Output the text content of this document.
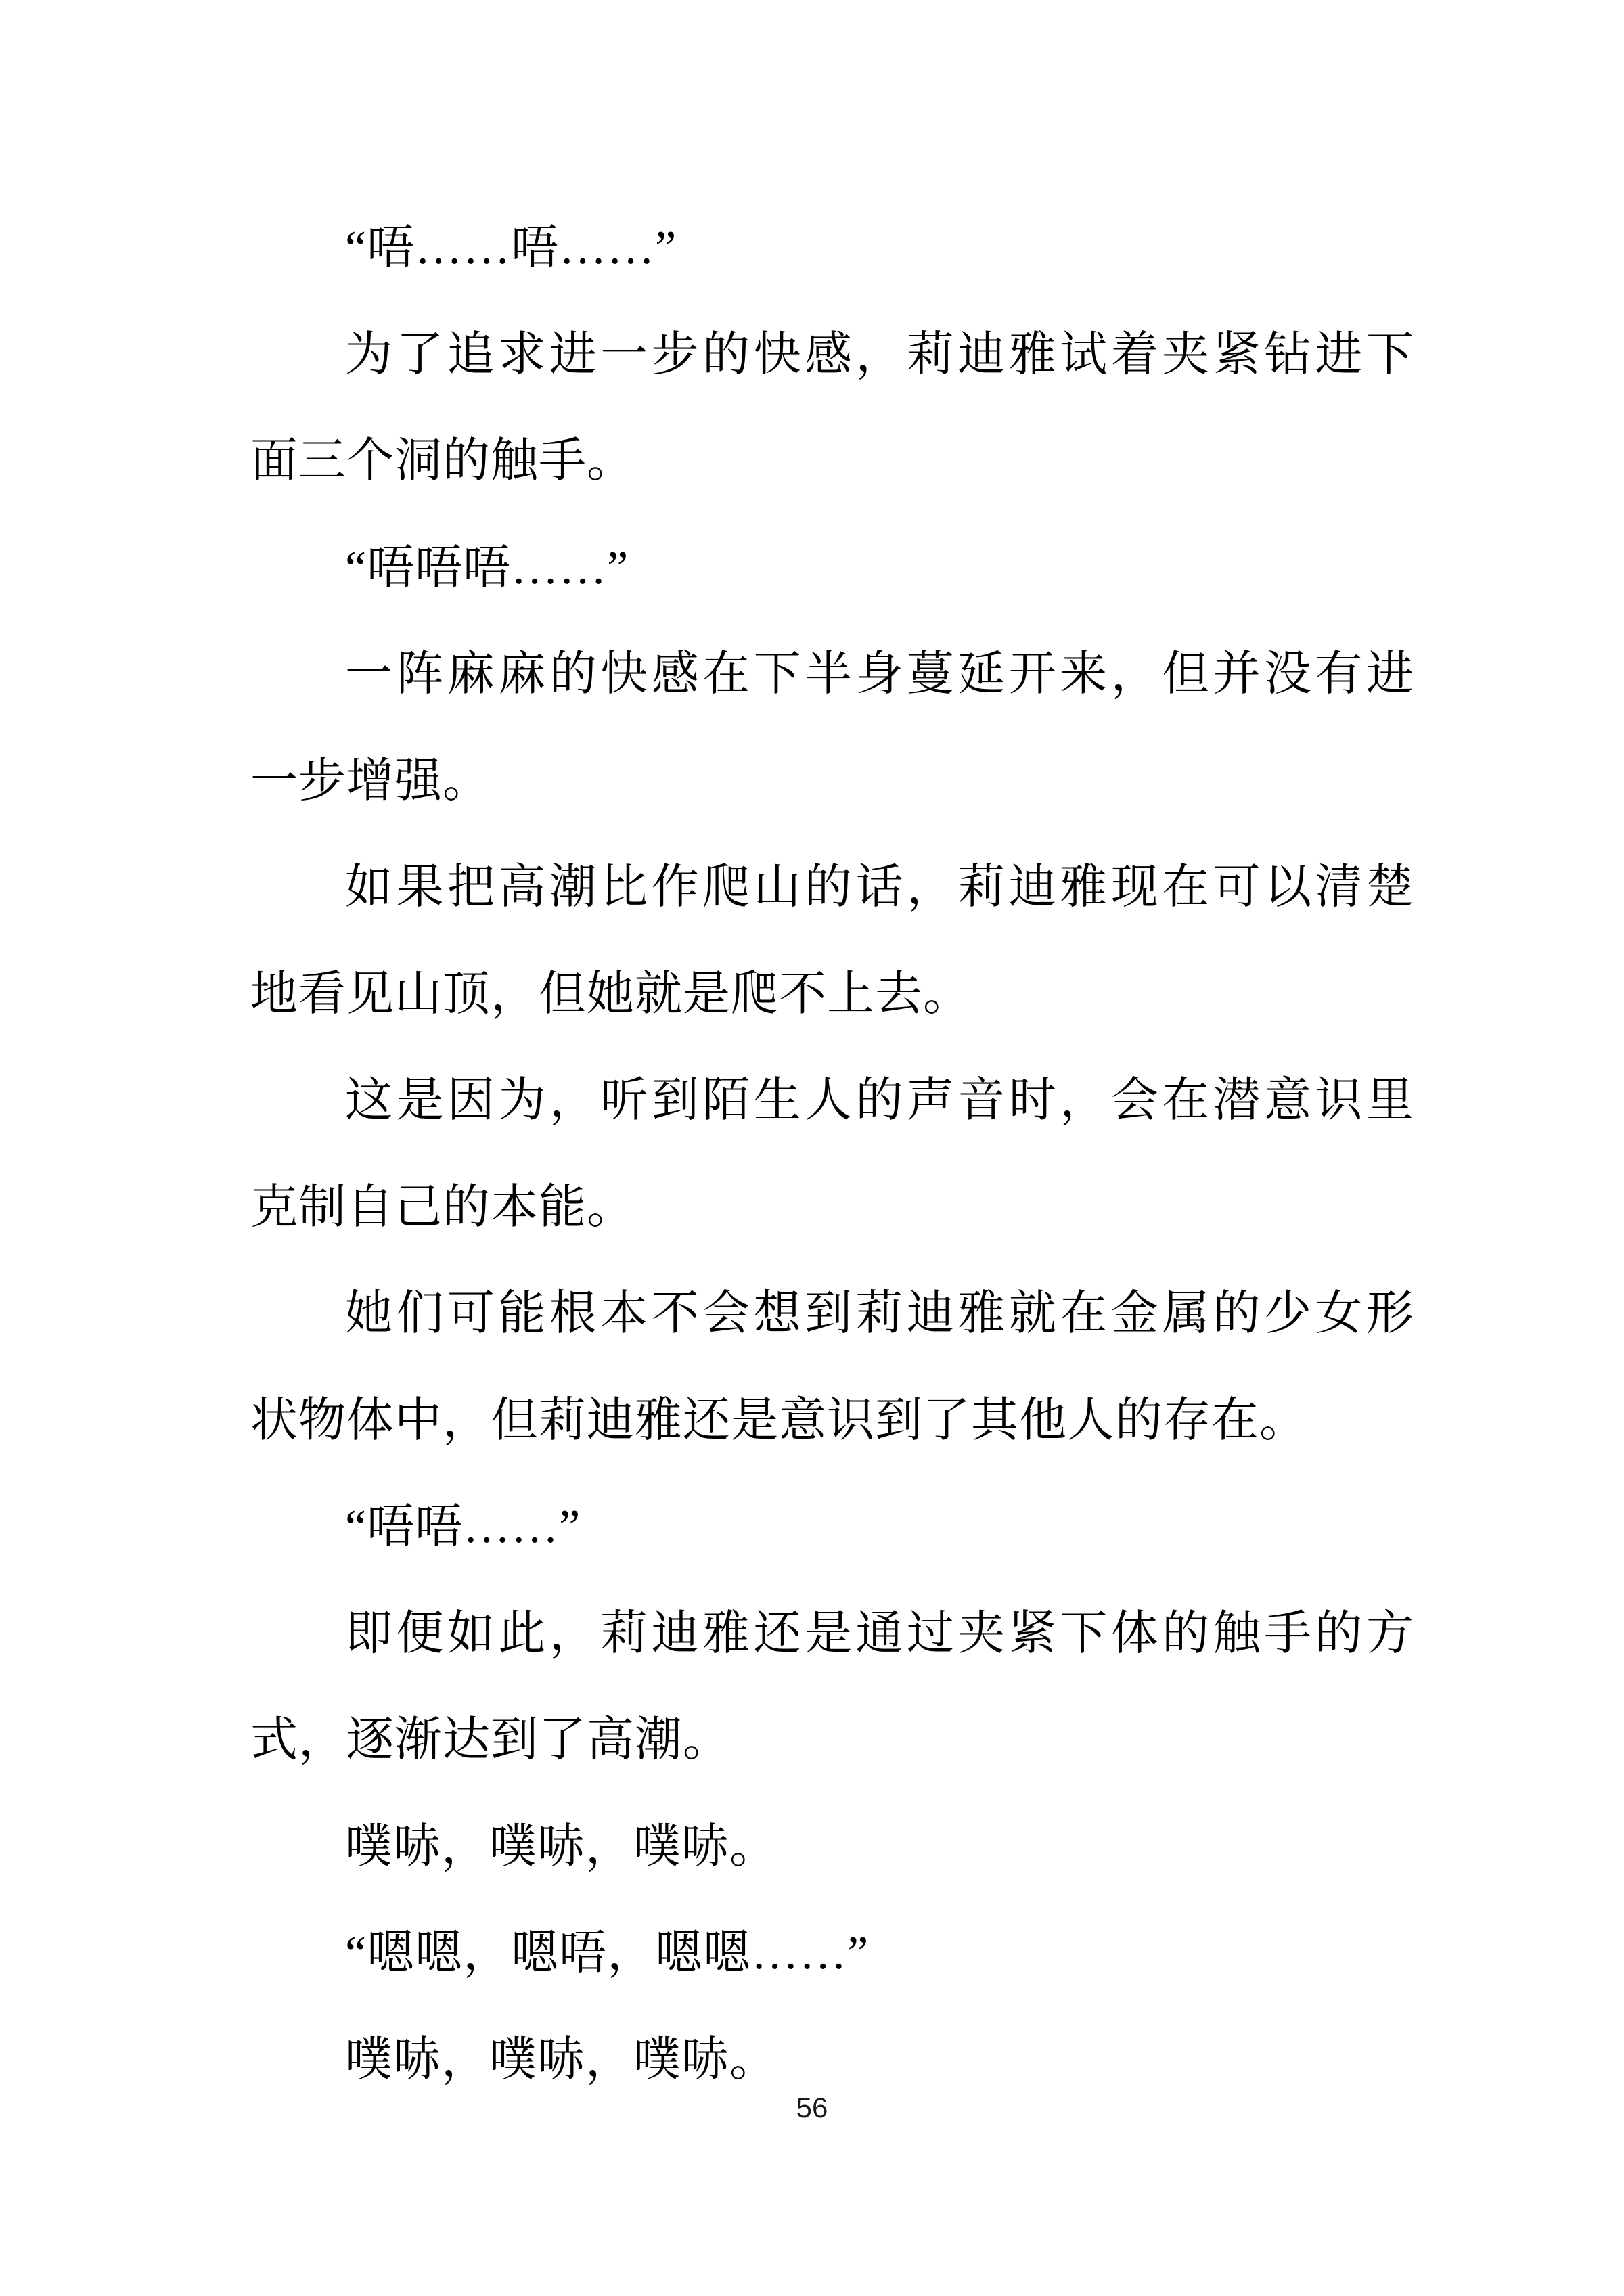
“唔……唔……”
为了追求进一步的快感，莉迪雅试着夹紧钻进下
面三个洞的触手。
“唔唔唔……”
一阵麻麻的快感在下半身蔓延开来，但并没有进
一步增强。
如果把高潮比作爬山的话，莉迪雅现在可以清楚
地看见山顶，但她就是爬不上去。
这是因为，听到陌生人的声音时，会在潜意识里
克制自己的本能。
她们可能根本不会想到莉迪雅就在金属的少女形
状物体中，但莉迪雅还是意识到了其他人的存在。
“唔唔……”
即便如此，莉迪雅还是通过夹紧下体的触手的方
式，逐渐达到了高潮。
噗哧，噗哧，噗哧。
“嗯嗯，嗯唔，嗯嗯……”
噗哧，噗哧，噗哧。
56
